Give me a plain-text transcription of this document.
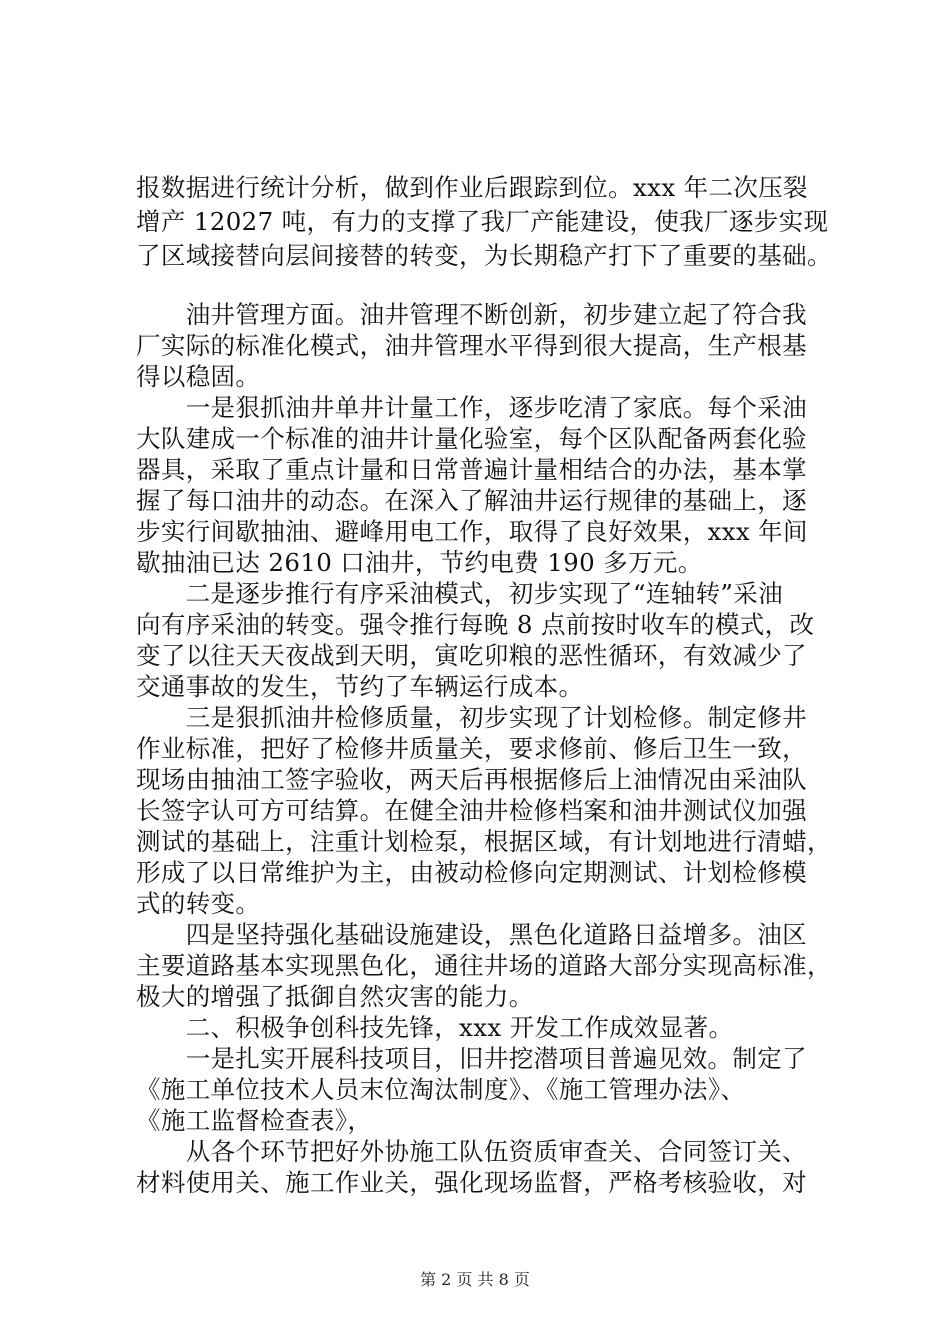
报数据进行统计分析，做到作业后跟踪到位。xxx 年二次压裂
增产 12027 吨，有力的支撑了我厂产能建设，使我厂逐步实现
了区域接替向层间接替的转变，为长期稳产打下了重要的基础。
　　油井管理方面。油井管理不断创新，初步建立起了符合我
厂实际的标准化模式，油井管理水平得到很大提高，生产根基
得以稳固。
　　一是狠抓油井单井计量工作，逐步吃清了家底。每个采油
大队建成一个标准的油井计量化验室，每个区队配备两套化验
器具，采取了重点计量和日常普遍计量相结合的办法，基本掌
握了每口油井的动态。在深入了解油井运行规律的基础上，逐
步实行间歇抽油、避峰用电工作，取得了良好效果，xxx 年间
歇抽油已达 2610 口油井，节约电费 190 多万元。
　　二是逐步推行有序采油模式，初步实现了“连轴转”采油
向有序采油的转变。强令推行每晚 8 点前按时收车的模式，改
变了以往天天夜战到天明，寅吃卯粮的恶性循环，有效减少了
交通事故的发生，节约了车辆运行成本。
　　三是狠抓油井检修质量，初步实现了计划检修。制定修井
作业标准，把好了检修井质量关，要求修前、修后卫生一致，
现场由抽油工签字验收，两天后再根据修后上油情况由采油队
长签字认可方可结算。在健全油井检修档案和油井测试仪加强
测试的基础上，注重计划检泵，根据区域，有计划地进行清蜡，
形成了以日常维护为主，由被动检修向定期测试、计划检修模
式的转变。
　　四是坚持强化基础设施建设，黑色化道路日益增多。油区
主要道路基本实现黑色化，通往井场的道路大部分实现高标准，
极大的增强了抵御自然灾害的能力。
　　二、积极争创科技先锋，xxx 开发工作成效显著。
　　一是扎实开展科技项目，旧井挖潜项目普遍见效。制定了
《施工单位技术人员末位淘汰制度》、《施工管理办法》、
《施工监督检查表》，
　　从各个环节把好外协施工队伍资质审查关、合同签订关、
材料使用关、施工作业关，强化现场监督，严格考核验收，对
第 2 页 共 8 页
